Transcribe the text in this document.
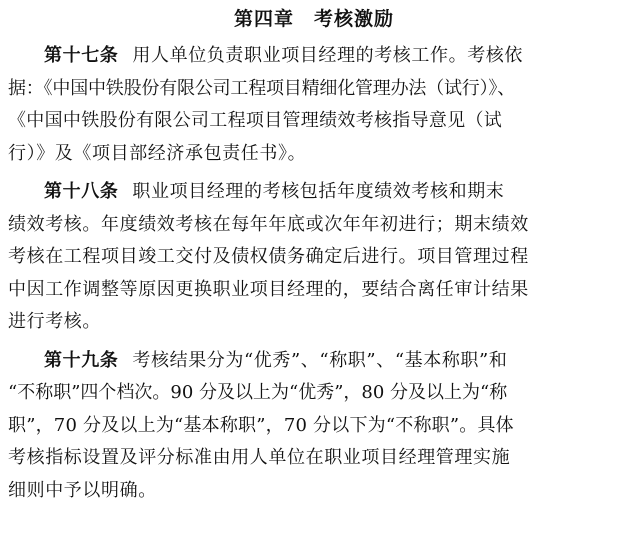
第四章　考核激励
第十七条 用人单位负责职业项目经理的考核工作。考核依
据：《中国中铁股份有限公司工程项目精细化管理办法（试行）》、
《中国中铁股份有限公司工程项目管理绩效考核指导意见（试
行）》及《项目部经济承包责任书》。
第十八条 职业项目经理的考核包括年度绩效考核和期末
绩效考核。年度绩效考核在每年年底或次年年初进行；期末绩效
考核在工程项目竣工交付及债权债务确定后进行。项目管理过程
中因工作调整等原因更换职业项目经理的，要结合离任审计结果
进行考核。
第十九条 考核结果分为“优秀”、“称职”、“基本称职”和
“不称职”四个档次。90 分及以上为“优秀”，80 分及以上为“称
职”，70 分及以上为“基本称职”，70 分以下为“不称职”。具体
考核指标设置及评分标准由用人单位在职业项目经理管理实施
细则中予以明确。
